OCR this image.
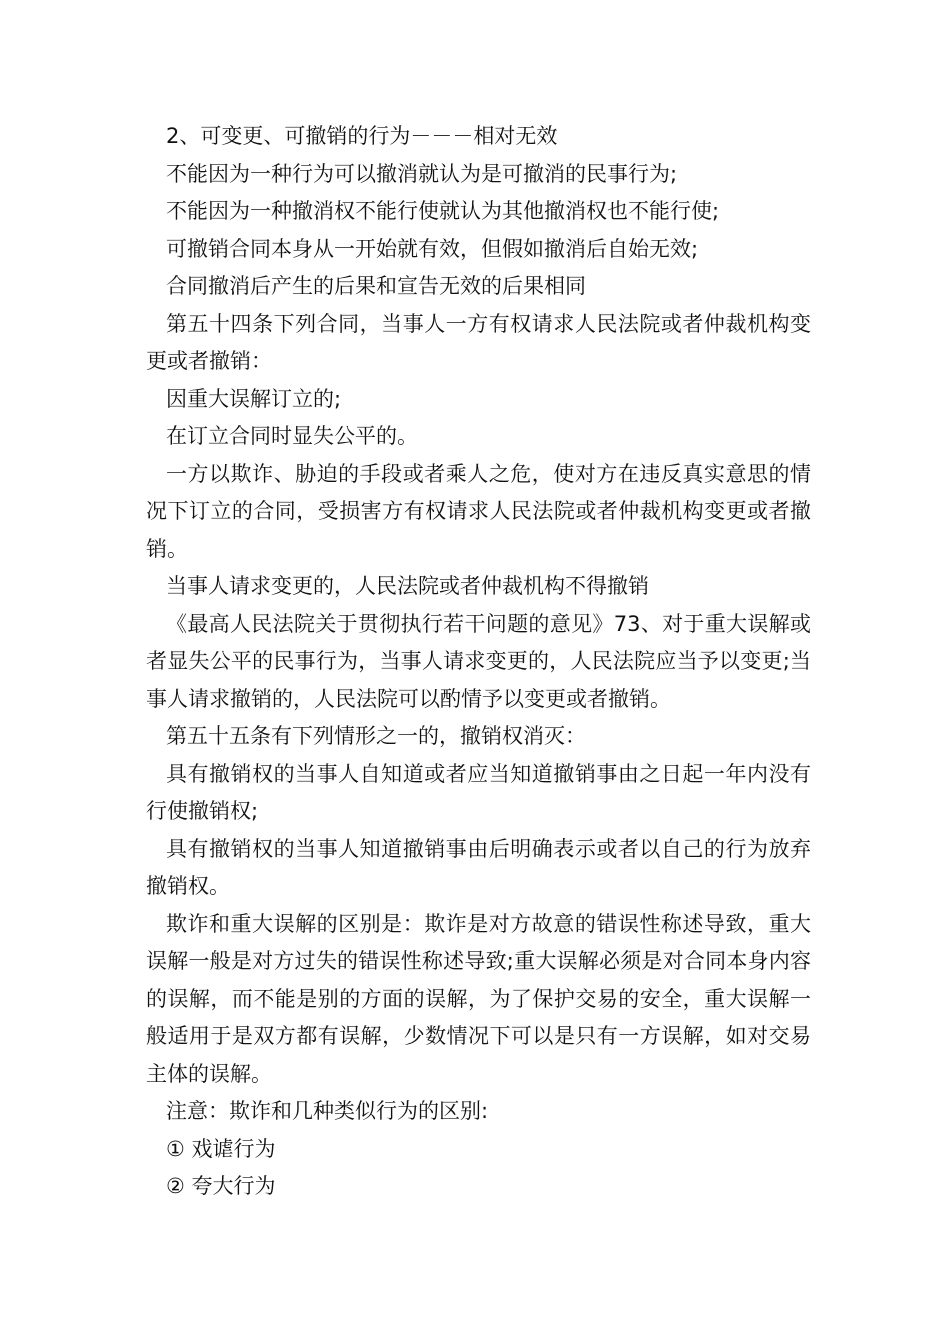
2、可变更、可撤销的行为－－－相对无效

不能因为一种行为可以撤消就认为是可撤消的民事行为;

不能因为一种撤消权不能行使就认为其他撤消权也不能行使;

可撤销合同本身从一开始就有效，但假如撤消后自始无效;

合同撤消后产生的后果和宣告无效的后果相同

第五十四条下列合同，当事人一方有权请求人民法院或者仲裁机构变更或者撤销：

因重大误解订立的;

在订立合同时显失公平的。

一方以欺诈、胁迫的手段或者乘人之危，使对方在违反真实意思的情况下订立的合同，受损害方有权请求人民法院或者仲裁机构变更或者撤销。

当事人请求变更的，人民法院或者仲裁机构不得撤销

《最高人民法院关于贯彻执行若干问题的意见》73、对于重大误解或者显失公平的民事行为，当事人请求变更的，人民法院应当予以变更;当事人请求撤销的，人民法院可以酌情予以变更或者撤销。

第五十五条有下列情形之一的，撤销权消灭：

具有撤销权的当事人自知道或者应当知道撤销事由之日起一年内没有行使撤销权;

具有撤销权的当事人知道撤销事由后明确表示或者以自己的行为放弃撤销权。

欺诈和重大误解的区别是：欺诈是对方故意的错误性称述导致，重大误解一般是对方过失的错误性称述导致;重大误解必须是对合同本身内容的误解，而不能是别的方面的误解，为了保护交易的安全，重大误解一般适用于是双方都有误解，少数情况下可以是只有一方误解，如对交易主体的误解。

注意：欺诈和几种类似行为的区别:

① 戏谑行为

② 夸大行为
